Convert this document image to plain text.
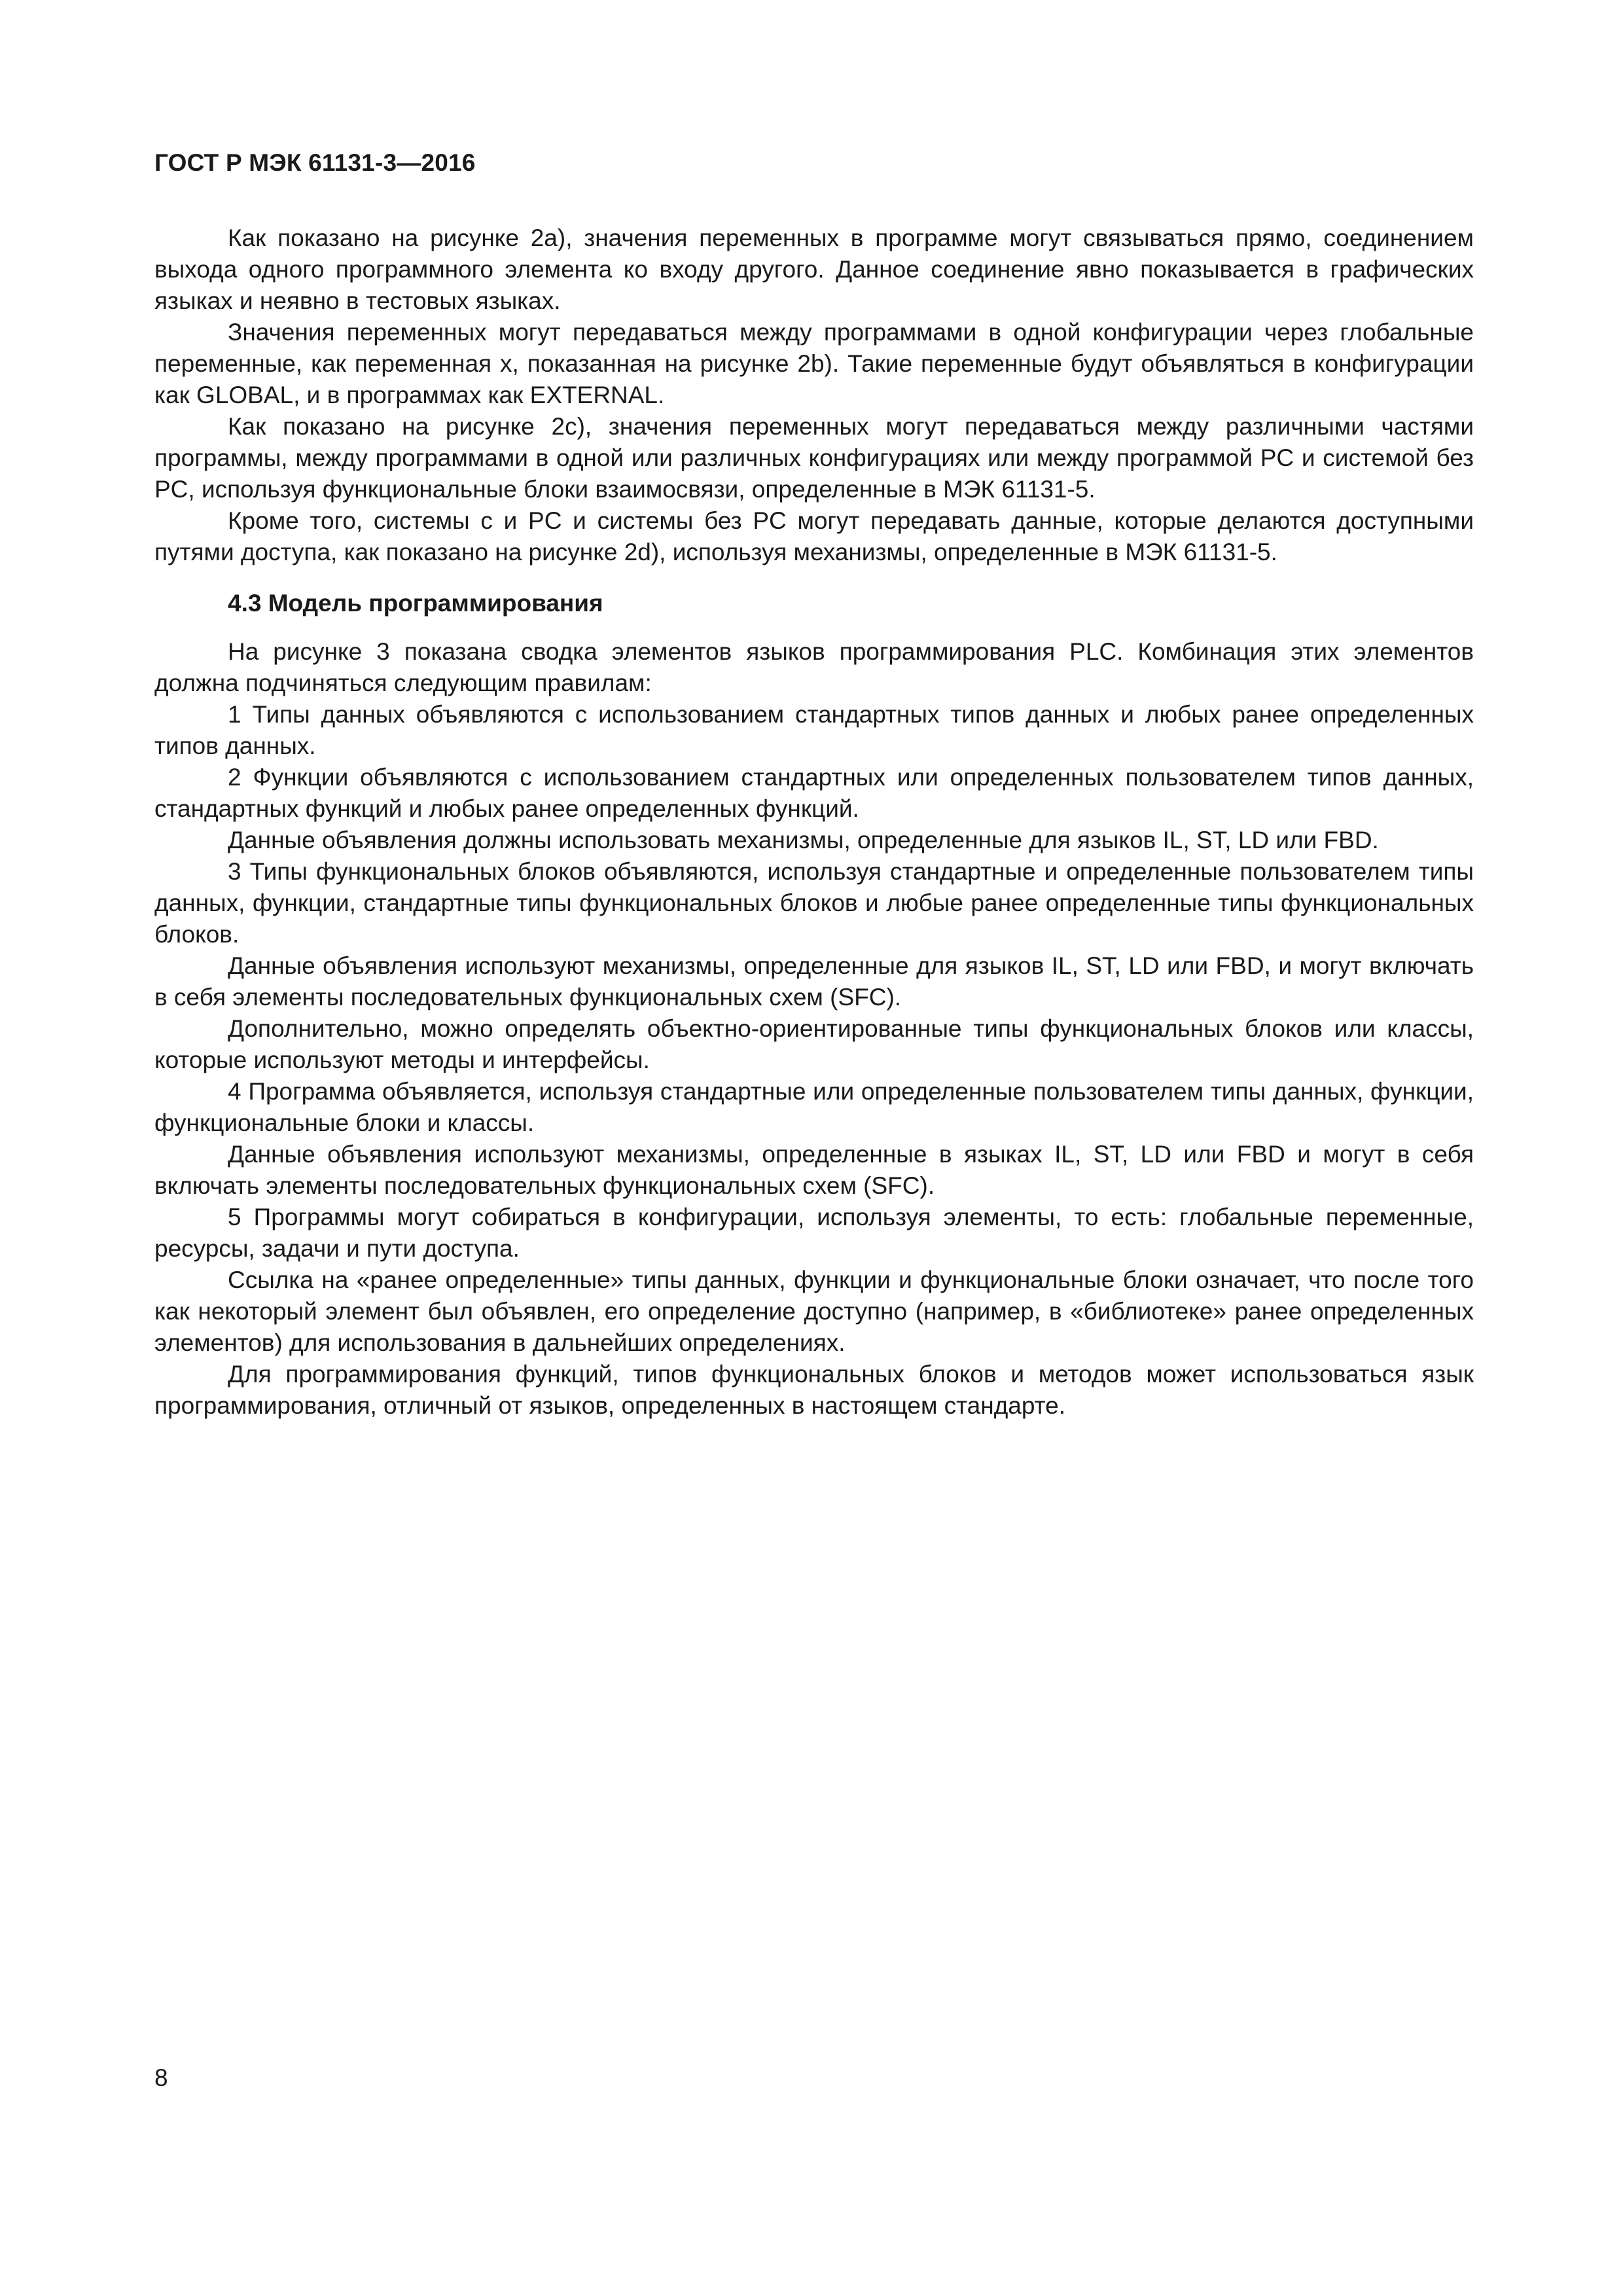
ГОСТ Р МЭК 61131-3—2016

Как показано на рисунке 2а), значения переменных в программе могут связываться прямо, соединением выхода одного программного элемента ко входу другого. Данное соединение явно показывается в графических языках и неявно в тестовых языках.

Значения переменных могут передаваться между программами в одной конфигурации через глобальные переменные, как переменная x, показанная на рисунке 2b). Такие переменные будут объявляться в конфигурации как GLOBAL, и в программах как EXTERNAL.

Как показано на рисунке 2c), значения переменных могут передаваться между различными частями программы, между программами в одной или различных конфигурациях или между программой PC и системой без PC, используя функциональные блоки взаимосвязи, определенные в МЭК 61131-5.

Кроме того, системы с и PC и системы без PC могут передавать данные, которые делаются доступными путями доступа, как показано на рисунке 2d), используя механизмы, определенные в МЭК 61131-5.

4.3 Модель программирования

На рисунке 3 показана сводка элементов языков программирования PLC. Комбинация этих элементов должна подчиняться следующим правилам:

1 Типы данных объявляются с использованием стандартных типов данных и любых ранее определенных типов данных.

2 Функции объявляются с использованием стандартных или определенных пользователем типов данных, стандартных функций и любых ранее определенных функций.

Данные объявления должны использовать механизмы, определенные для языков IL, ST, LD или FBD.

3 Типы функциональных блоков объявляются, используя стандартные и определенные пользователем типы данных, функции, стандартные типы функциональных блоков и любые ранее определенные типы функциональных блоков.

Данные объявления используют механизмы, определенные для языков IL, ST, LD или FBD, и могут включать в себя элементы последовательных функциональных схем (SFC).

Дополнительно, можно определять объектно-ориентированные типы функциональных блоков или классы, которые используют методы и интерфейсы.

4 Программа объявляется, используя стандартные или определенные пользователем типы данных, функции, функциональные блоки и классы.

Данные объявления используют механизмы, определенные в языках IL, ST, LD или FBD и могут в себя включать элементы последовательных функциональных схем (SFC).

5 Программы могут собираться в конфигурации, используя элементы, то есть: глобальные переменные, ресурсы, задачи и пути доступа.

Ссылка на «ранее определенные» типы данных, функции и функциональные блоки означает, что после того как некоторый элемент был объявлен, его определение доступно (например, в «библиотеке» ранее определенных элементов) для использования в дальнейших определениях.

Для программирования функций, типов функциональных блоков и методов может использоваться язык программирования, отличный от языков, определенных в настоящем стандарте.

8
